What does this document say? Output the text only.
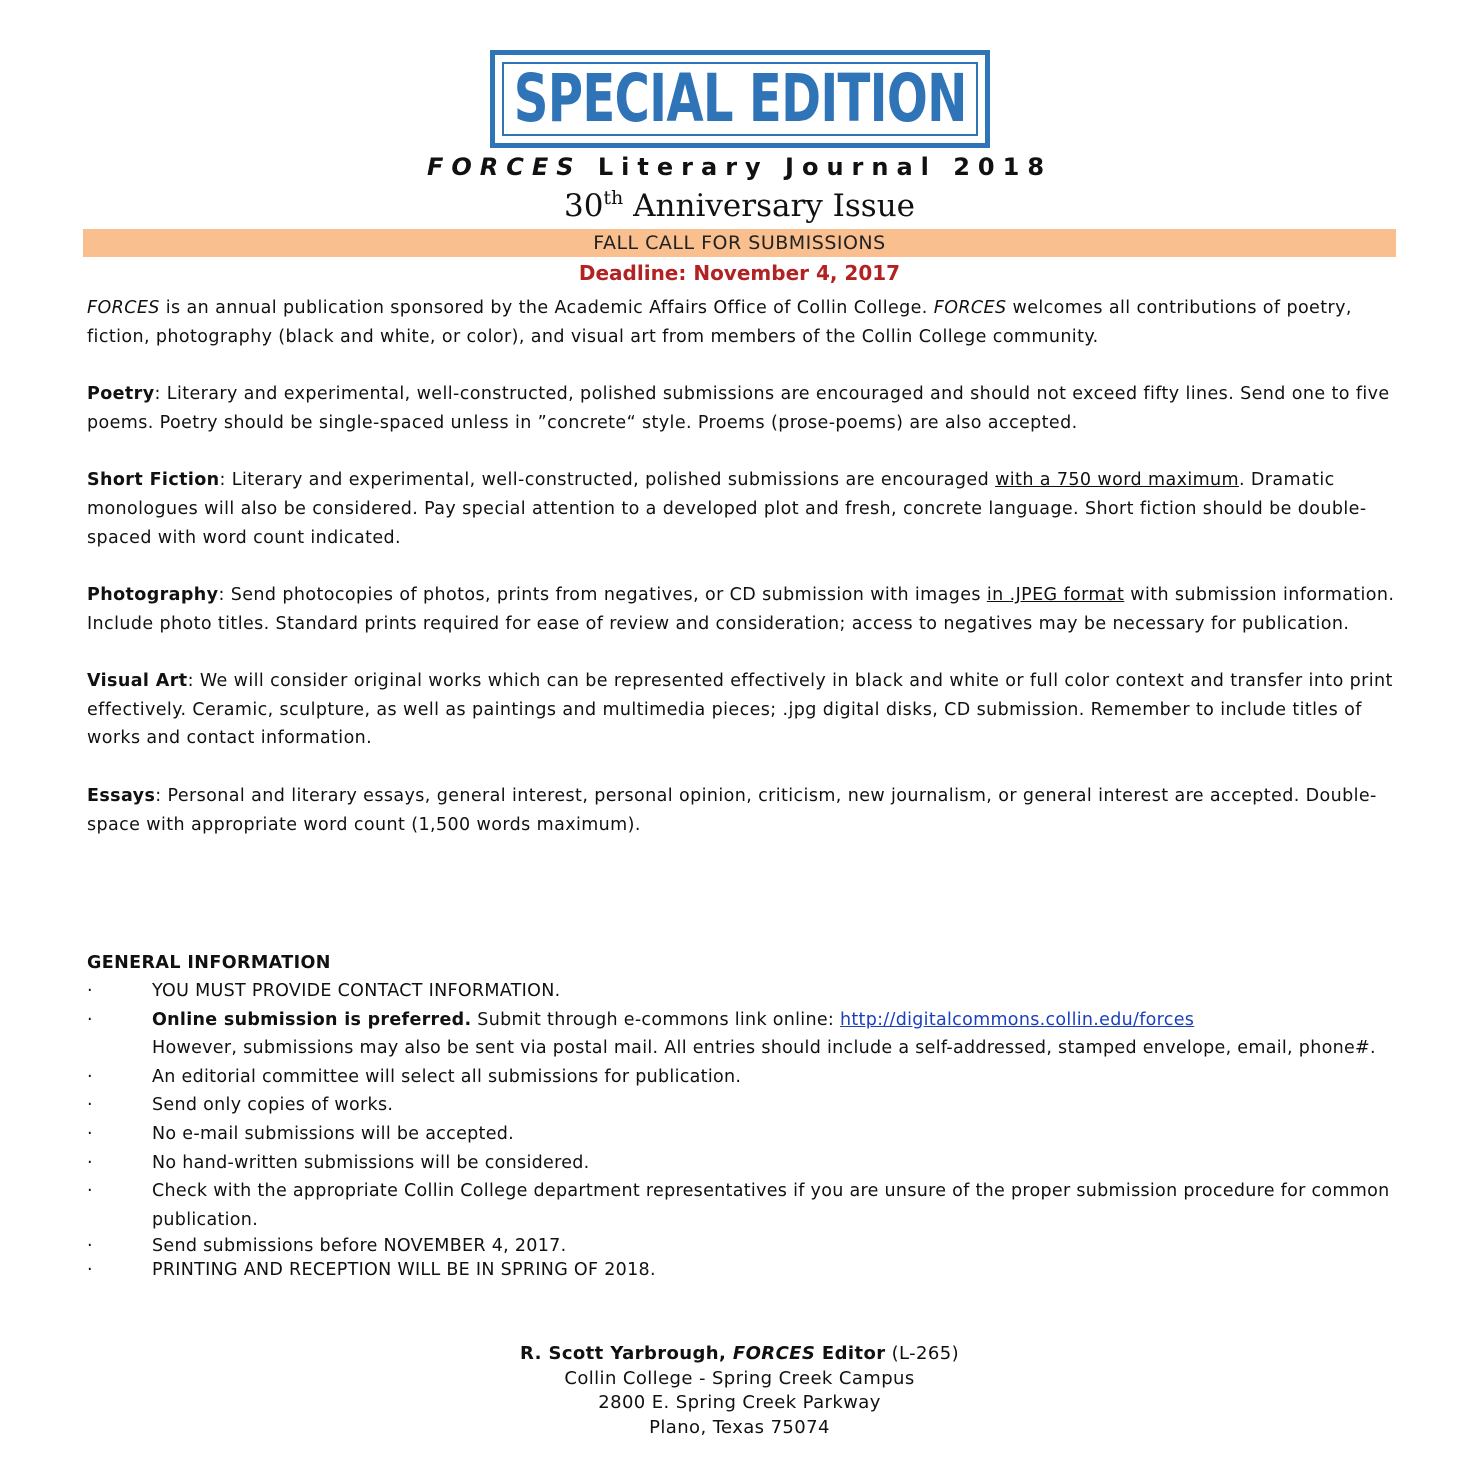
SPECIAL EDITION
FORCES Literary Journal 2018
30th Anniversary Issue
FALL CALL FOR SUBMISSIONS
Deadline: November 4, 2017

FORCES is an annual publication sponsored by the Academic Affairs Office of Collin College. FORCES welcomes all contributions of poetry, fiction, photography (black and white, or color), and visual art from members of the Collin College community.

Poetry: Literary and experimental, well-constructed, polished submissions are encouraged and should not exceed fifty lines. Send one to five poems. Poetry should be single-spaced unless in ”concrete“ style. Proems (prose-poems) are also accepted.

Short Fiction: Literary and experimental, well-constructed, polished submissions are encouraged with a 750 word maximum. Dramatic monologues will also be considered. Pay special attention to a developed plot and fresh, concrete language. Short fiction should be double-spaced with word count indicated.

Photography: Send photocopies of photos, prints from negatives, or CD submission with images in .JPEG format with submission information. Include photo titles. Standard prints required for ease of review and consideration; access to negatives may be necessary for publication.

Visual Art: We will consider original works which can be represented effectively in black and white or full color context and transfer into print effectively. Ceramic, sculpture, as well as paintings and multimedia pieces; .jpg digital disks, CD submission. Remember to include titles of works and contact information.

Essays: Personal and literary essays, general interest, personal opinion, criticism, new journalism, or general interest are accepted. Double-space with appropriate word count (1,500 words maximum).

GENERAL INFORMATION
·	YOU MUST PROVIDE CONTACT INFORMATION.
·	Online submission is preferred. Submit through e-commons link online: http://digitalcommons.collin.edu/forces
However, submissions may also be sent via postal mail. All entries should include a self-addressed, stamped envelope, email, phone#.
·	An editorial committee will select all submissions for publication.
·	Send only copies of works.
·	No e-mail submissions will be accepted.
·	No hand-written submissions will be considered.
·	Check with the appropriate Collin College department representatives if you are unsure of the proper submission procedure for common publication.
·	Send submissions before NOVEMBER 4, 2017.
·	PRINTING AND RECEPTION WILL BE IN SPRING OF 2018.
R. Scott Yarbrough, FORCES Editor (L-265)
Collin College - Spring Creek Campus
2800 E. Spring Creek Parkway
Plano, Texas 75074
